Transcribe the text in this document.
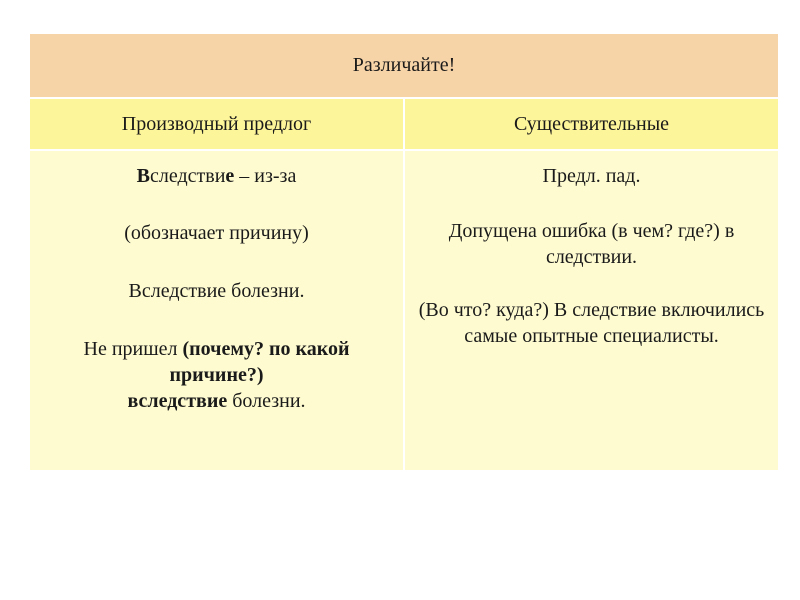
Различайте!
Производный предлог	Существительные

Вследствие – из-за

(обозначает причину)

Вследствие болезни.

Не пришел (почему? по какой причине?)
вследствие болезни.

Предл. пад.

Допущена ошибка (в чем? где?) в следствии.

(Во что? куда?) В следствие включились самые опытные специалисты.
